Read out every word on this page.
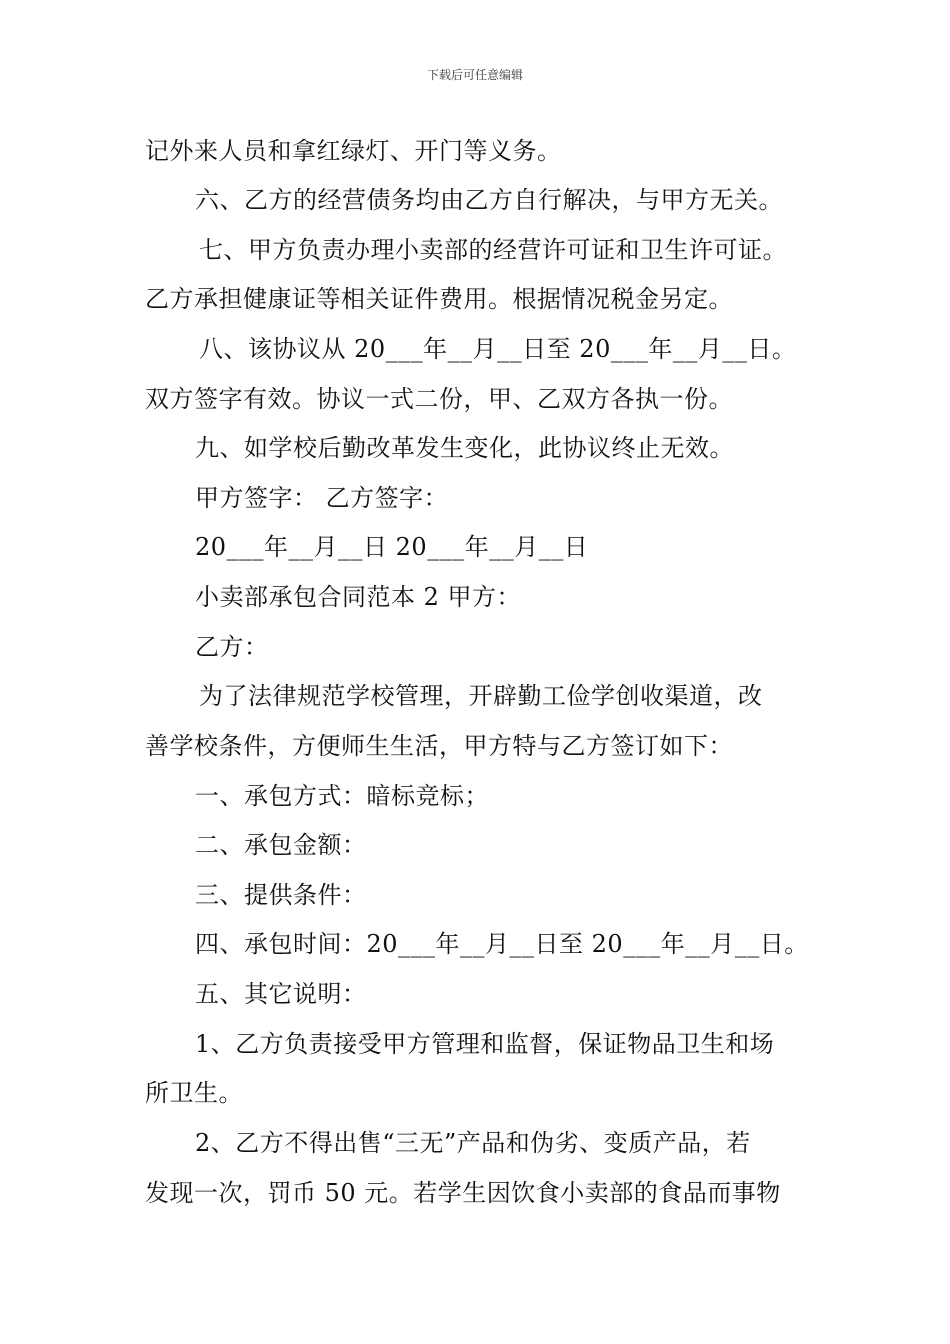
下载后可任意编辑
记外来人员和拿红绿灯、开门等义务。
六、乙方的经营债务均由乙方自行解决，与甲方无关。
七、甲方负责办理小卖部的经营许可证和卫生许可证。
乙方承担健康证等相关证件费用。根据情况税金另定。
八、该协议从 20___年__月__日至 20___年__月__日。
双方签字有效。协议一式二份，甲、乙双方各执一份。
九、如学校后勤改革发生变化，此协议终止无效。
甲方签字： 乙方签字：
20___年__月__日 20___年__月__日
小卖部承包合同范本 2 甲方：
乙方：
为了法律规范学校管理，开辟勤工俭学创收渠道，改
善学校条件，方便师生生活，甲方特与乙方签订如下：
一、承包方式：暗标竞标；
二、承包金额：
三、提供条件：
四、承包时间：20___年__月__日至 20___年__月__日。
五、其它说明：
1、乙方负责接受甲方管理和监督，保证物品卫生和场
所卫生。
2、乙方不得出售“三无”产品和伪劣、变质产品，若
发现一次，罚币 50 元。若学生因饮食小卖部的食品而事物
